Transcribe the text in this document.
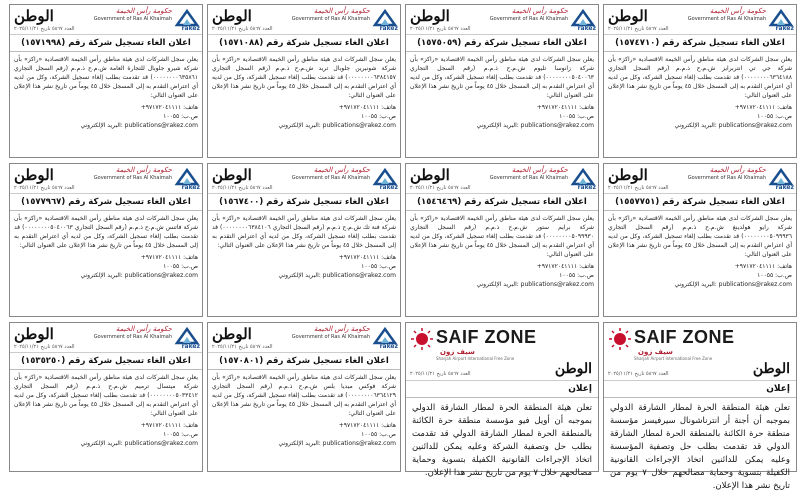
rakez
حكومة رأس الخيمة
Government of Ras Al Khaimah
الوطن
العدد ٥٨٦٧ تاريخ ٢٠٢٥/١١/٢١
اعلان الغاء تسجيل شركة رقم (١٥٧٤٧١٠)
يعلن سجل الشركات لدى هيئة مناطق رأس الخيمة الاقتصادية «راكز» بأن شركة جي تي انتربرايز ش.م.ح ذ.م.م (رقم السجل التجاري ٠٠٠٠٠٠٠٠٦٣٦٤١٨٨) قد تقدمت بطلب إلغاء تسجيل الشركة، وكل من لديه أي اعتراض التقدم به إلى المسجل خلال ٤٥ يوماً من تاريخ نشر هذا الإعلان على العنوان التالي:
هاتف: ٩٧١٧٢٠٤١١١١+
ص.ب: ١٠٠٥٥
البريد الإلكتروني: publications@rakez.com
rakez
حكومة رأس الخيمة
Government of Ras Al Khaimah
الوطن
العدد ٥٨٦٧ تاريخ ٢٠٢٥/١١/٢١
اعلان الغاء تسجيل شركة رقم (١٥٧٥٠٥٩)
يعلن سجل الشركات لدى هيئة مناطق رأس الخيمة الاقتصادية «راكز» بأن شركة زانوسا تليوم ش.م.ح ذ.م.م (رقم السجل التجاري ٠٠٠٠٠٠٠٠٥٠٤٠٠٦٣) قد تقدمت بطلب إلغاء تسجيل الشركة، وكل من لديه أي اعتراض التقدم به إلى المسجل خلال ٤٥ يوماً من تاريخ نشر هذا الإعلان على العنوان التالي:
هاتف: ٩٧١٧٢٠٤١١١١+
ص.ب: ١٠٠٥٥
البريد الإلكتروني: publications@rakez.com
rakez
حكومة رأس الخيمة
Government of Ras Al Khaimah
الوطن
العدد ٥٨٦٧ تاريخ ٢٠٢٥/١١/٢١
اعلان الغاء تسجيل شركة رقم (١٥٧١٠٨٨)
يعلن سجل الشركات لدى هيئة مناطق رأس الخيمة الاقتصادية «راكز» بأن شركة شونيرين جلوبال تريد ش.م.ح ذ.م.م (رقم السجل التجاري ٠٠٠٠٠٠٠٠٦٣٨٤١٥٧) قد تقدمت بطلب إلغاء تسجيل الشركة، وكل من لديه أي اعتراض التقدم به إلى المسجل خلال ٤٥ يوماً من تاريخ نشر هذا الإعلان على العنوان التالي:
هاتف: ٩٧١٧٢٠٤١١١١+
ص.ب: ١٠٠٥٥
البريد الإلكتروني: publications@rakez.com
rakez
حكومة رأس الخيمة
Government of Ras Al Khaimah
الوطن
العدد ٥٨٦٧ تاريخ ٢٠٢٥/١١/٢١
اعلان الغاء تسجيل شركة رقم (١٥٧١٩٩٨)
يعلن سجل الشركات لدى هيئة مناطق رأس الخيمة الاقتصادية «راكز» بأن شركة شيرو جلوبال للتجارة العامة ش.م.ح ذ.م.م (رقم السجل التجاري ٠٠٠٠٠٠٠٠٦٣٥٨٦١) قد تقدمت بطلب إلغاء تسجيل الشركة، وكل من لديه أي اعتراض التقدم به إلى المسجل خلال ٤٥ يوماً من تاريخ نشر هذا الإعلان على العنوان التالي:
هاتف: ٩٧١٧٢٠٤١١١١+
ص.ب: ١٠٠٥٥
البريد الإلكتروني: publications@rakez.com
rakez
حكومة رأس الخيمة
Government of Ras Al Khaimah
الوطن
العدد ٥٨٦٧ تاريخ ٢٠٢٥/١١/٢١
اعلان الغاء تسجيل شركة رقم (١٥٥٧٧٥١)
يعلن سجل الشركات لدى هيئة مناطق رأس الخيمة الاقتصادية «راكز» بأن شركة رايو هولدينغ ش.م.ح ذ.م.م (رقم السجل التجاري ٠٠٠٠٠٠٠٠٥٠٩٩٩٣٦) قد تقدمت بطلب إلغاء تسجيل الشركة، وكل من لديه أي اعتراض التقدم به إلى المسجل خلال ٤٥ يوماً من تاريخ نشر هذا الإعلان على العنوان التالي:
هاتف: ٩٧١٧٢٠٤١١١١+
ص.ب: ١٠٠٥٥
البريد الإلكتروني: publications@rakez.com
rakez
حكومة رأس الخيمة
Government of Ras Al Khaimah
الوطن
العدد ٥٨٦٧ تاريخ ٢٠٢٥/١١/٢١
اعلان الغاء تسجيل شركة رقم (١٥٤٦٤٦٩)
يعلن سجل الشركات لدى هيئة مناطق رأس الخيمة الاقتصادية «راكز» بأن شركة برايم ستور ش.م.ح ذ.م.م (رقم السجل التجاري ٠٠٠٠٠٠٠٠٥٠٩٩٩٣٠) قد تقدمت بطلب إلغاء تسجيل الشركة، وكل من لديه أي اعتراض التقدم به إلى المسجل خلال ٤٥ يوماً من تاريخ نشر هذا الإعلان على العنوان التالي:
هاتف: ٩٧١٧٢٠٤١١١١+
ص.ب: ١٠٠٥٥
البريد الإلكتروني: publications@rakez.com
rakez
حكومة رأس الخيمة
Government of Ras Al Khaimah
الوطن
العدد ٥٨٦٧ تاريخ ٢٠٢٥/١١/٢١
اعلان الغاء تسجيل شركة رقم (١٥٦٧٤٠٠)
يعلن سجل الشركات لدى هيئة مناطق رأس الخيمة الاقتصادية «راكز» بأن شركة فنة تك ش.م.ح ذ.م.م (رقم السجل التجاري ٠٠٠٠٠٠٠٠٦٣٨٤١٠٦) قد تقدمت بطلب إلغاء تسجيل الشركة، وكل من لديه أي اعتراض التقدم به إلى المسجل خلال ٤٥ يوماً من تاريخ نشر هذا الإعلان على العنوان التالي:
هاتف: ٩٧١٧٢٠٤١١١١+
ص.ب: ١٠٠٥٥
البريد الإلكتروني: publications@rakez.com
rakez
حكومة رأس الخيمة
Government of Ras Al Khaimah
الوطن
العدد ٥٨٦٧ تاريخ ٢٠٢٥/١١/٢١
اعلان الغاء تسجيل شركة رقم (١٥٧٧٩٦٧)
يعلن سجل الشركات لدى هيئة مناطق رأس الخيمة الاقتصادية «راكز» بأن شركة فاتنس ش.م.ح ذ.م.م (رقم السجل التجاري ٠٠٠٠٠٠٠٠٥٠٤٠٠٦٣) قد تقدمت بطلب إلغاء تسجيل الشركة، وكل من لديه أي اعتراض التقدم به إلى المسجل خلال ٤٥ يوماً من تاريخ نشر هذا الإعلان على العنوان التالي:
هاتف: ٩٧١٧٢٠٤١١١١+
ص.ب: ١٠٠٥٥
البريد الإلكتروني: publications@rakez.com
rakez
حكومة رأس الخيمة
Government of Ras Al Khaimah
الوطن
العدد ٥٨٦٧ تاريخ ٢٠٢٥/١١/٢١
اعلان الغاء تسجيل شركة رقم (١٥٧٠٨٠١)
يعلن سجل الشركات لدى هيئة مناطق رأس الخيمة الاقتصادية «راكز» بأن شركة فوكس ميديا بلس ش.م.ح ذ.م.م (رقم السجل التجاري ٠٠٠٠٠٠٠٠٦٣٦٤١٢٩) قد تقدمت بطلب إلغاء تسجيل الشركة، وكل من لديه أي اعتراض التقدم به إلى المسجل خلال ٤٥ يوماً من تاريخ نشر هذا الإعلان على العنوان التالي:
هاتف: ٩٧١٧٢٠٤١١١١+
ص.ب: ١٠٠٥٥
البريد الإلكتروني: publications@rakez.com
rakez
حكومة رأس الخيمة
Government of Ras Al Khaimah
الوطن
العدد ٥٨٦٧ تاريخ ٢٠٢٥/١١/٢١
اعلان الغاء تسجيل شركة رقم (١٥٣٥٢٥٠)
يعلن سجل الشركات لدى هيئة مناطق رأس الخيمة الاقتصادية «راكز» بأن شركة ميتسال ترميم ش.م.ح ذ.م.م (رقم السجل التجاري ٠٠٠٠٠٠٠٠٥٠٣٣٤١٢) قد تقدمت بطلب إلغاء تسجيل الشركة، وكل من لديه أي اعتراض التقدم به إلى المسجل خلال ٤٥ يوماً من تاريخ نشر هذا الإعلان على العنوان التالي:
هاتف: ٩٧١٧٢٠٤١١١١+
ص.ب: ١٠٠٥٥
البريد الإلكتروني: publications@rakez.com
SAIF ZONE
سيف زون
Sharjah Airport International Free Zone
الوطن
العدد ٥٨٦٧ تاريخ ٢٠٢٥/١١/٢١
إعلان
تعلن هيئة المنطقة الحرة لمطار الشارقة الدولي بموجبه أن أجنة أر انترناشونال سيرفيسز مؤسسة منطقة حرة الكائنة بالمنطقة الحرة لمطار الشارقة الدولي قد تقدمت بطلب حل وتصفية المؤسسة وعليه يمكن للدائنين اتخاذ الإجراءات القانونية الكفيلة بتسوية وحماية مصالحهم خلال ٧ يوم من تاريخ نشر هذا الإعلان.
SAIF ZONE
سيف زون
Sharjah Airport International Free Zone
الوطن
العدد ٥٨٦٧ تاريخ ٢٠٢٥/١١/٢١
إعلان
تعلن هيئة المنطقة الحرة لمطار الشارقة الدولي بموجبه أن أويل فيو مؤسسة منطقة حرة الكائنة بالمنطقة الحرة لمطار الشارقة الدولي قد تقدمت بطلب حل وتصفية الشركة وعليه يمكن للدائنين اتخاذ الإجراءات القانونية الكفيلة بتسوية وحماية مصالحهم خلال ٧ يوم من تاريخ نشر هذا الإعلان.
